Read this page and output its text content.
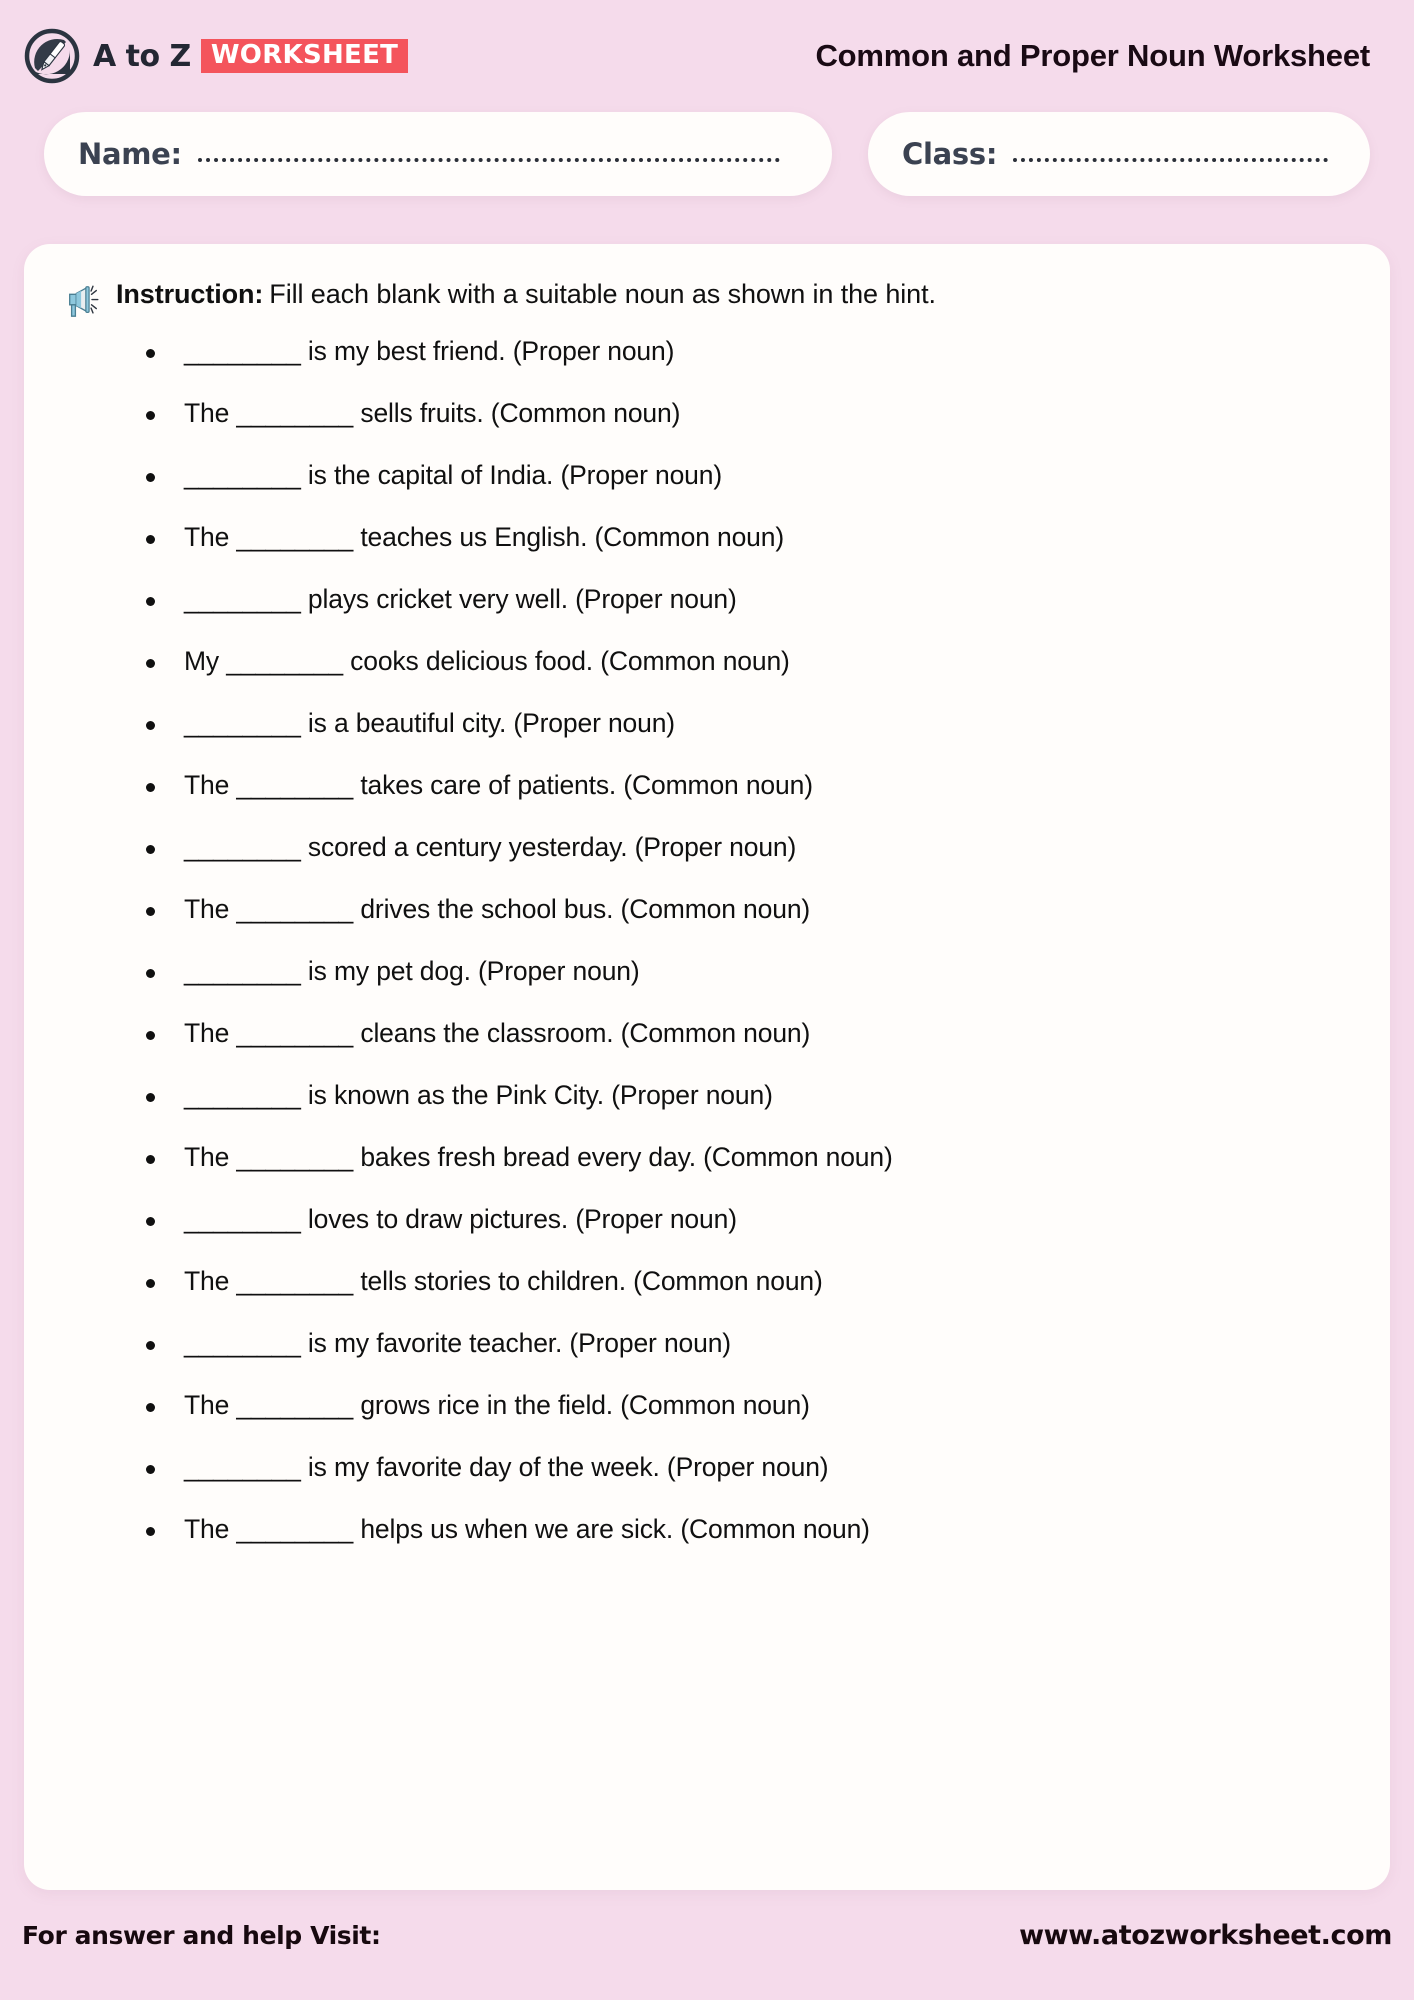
A to Z WORKSHEET	Common and Proper Noun Worksheet
Name:	Class:
Instruction: Fill each blank with a suitable noun as shown in the hint.
________ is my best friend. (Proper noun)
The ________ sells fruits. (Common noun)
________ is the capital of India. (Proper noun)
The ________ teaches us English. (Common noun)
________ plays cricket very well. (Proper noun)
My ________ cooks delicious food. (Common noun)
________ is a beautiful city. (Proper noun)
The ________ takes care of patients. (Common noun)
________ scored a century yesterday. (Proper noun)
The ________ drives the school bus. (Common noun)
________ is my pet dog. (Proper noun)
The ________ cleans the classroom. (Common noun)
________ is known as the Pink City. (Proper noun)
The ________ bakes fresh bread every day. (Common noun)
________ loves to draw pictures. (Proper noun)
The ________ tells stories to children. (Common noun)
________ is my favorite teacher. (Proper noun)
The ________ grows rice in the field. (Common noun)
________ is my favorite day of the week. (Proper noun)
The ________ helps us when we are sick. (Common noun)
For answer and help Visit:	www.atozworksheet.com
